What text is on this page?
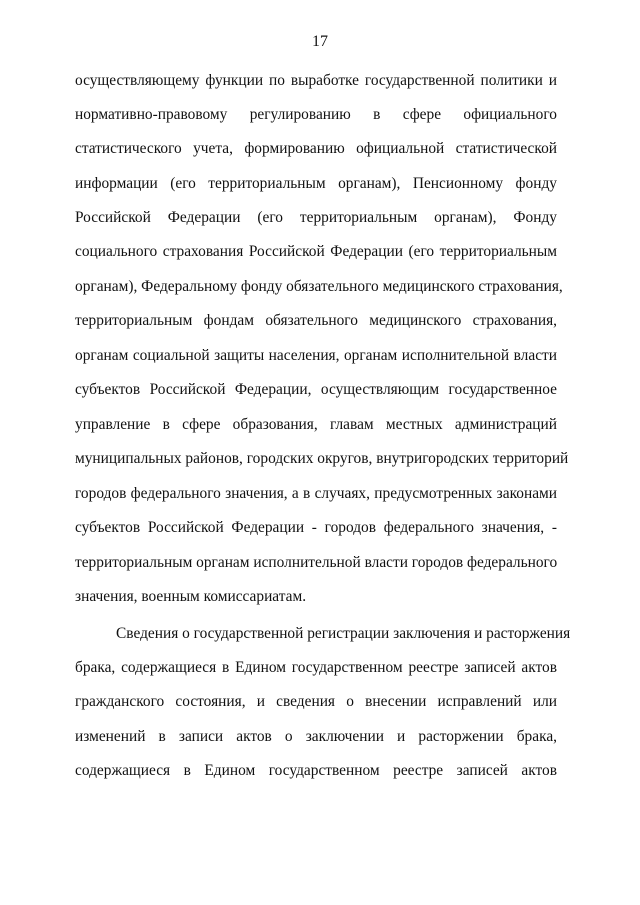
17
осуществляющему функции по выработке государственной политики и
нормативно-правовому регулированию в сфере официального
статистического учета, формированию официальной статистической
информации (его территориальным органам), Пенсионному фонду
Российской Федерации (его территориальным органам), Фонду
социального страхования Российской Федерации (его территориальным
органам), Федеральному фонду обязательного медицинского страхования,
территориальным фондам обязательного медицинского страхования,
органам социальной защиты населения, органам исполнительной власти
субъектов Российской Федерации, осуществляющим государственное
управление в сфере образования, главам местных администраций
муниципальных районов, городских округов, внутригородских территорий
городов федерального значения, а в случаях, предусмотренных законами
субъектов Российской Федерации - городов федерального значения, -
территориальным органам исполнительной власти городов федерального
значения, военным комиссариатам.
Сведения о государственной регистрации заключения и расторжения
брака, содержащиеся в Едином государственном реестре записей актов
гражданского состояния, и сведения о внесении исправлений или
изменений в записи актов о заключении и расторжении брака,
содержащиеся в Едином государственном реестре записей актов
